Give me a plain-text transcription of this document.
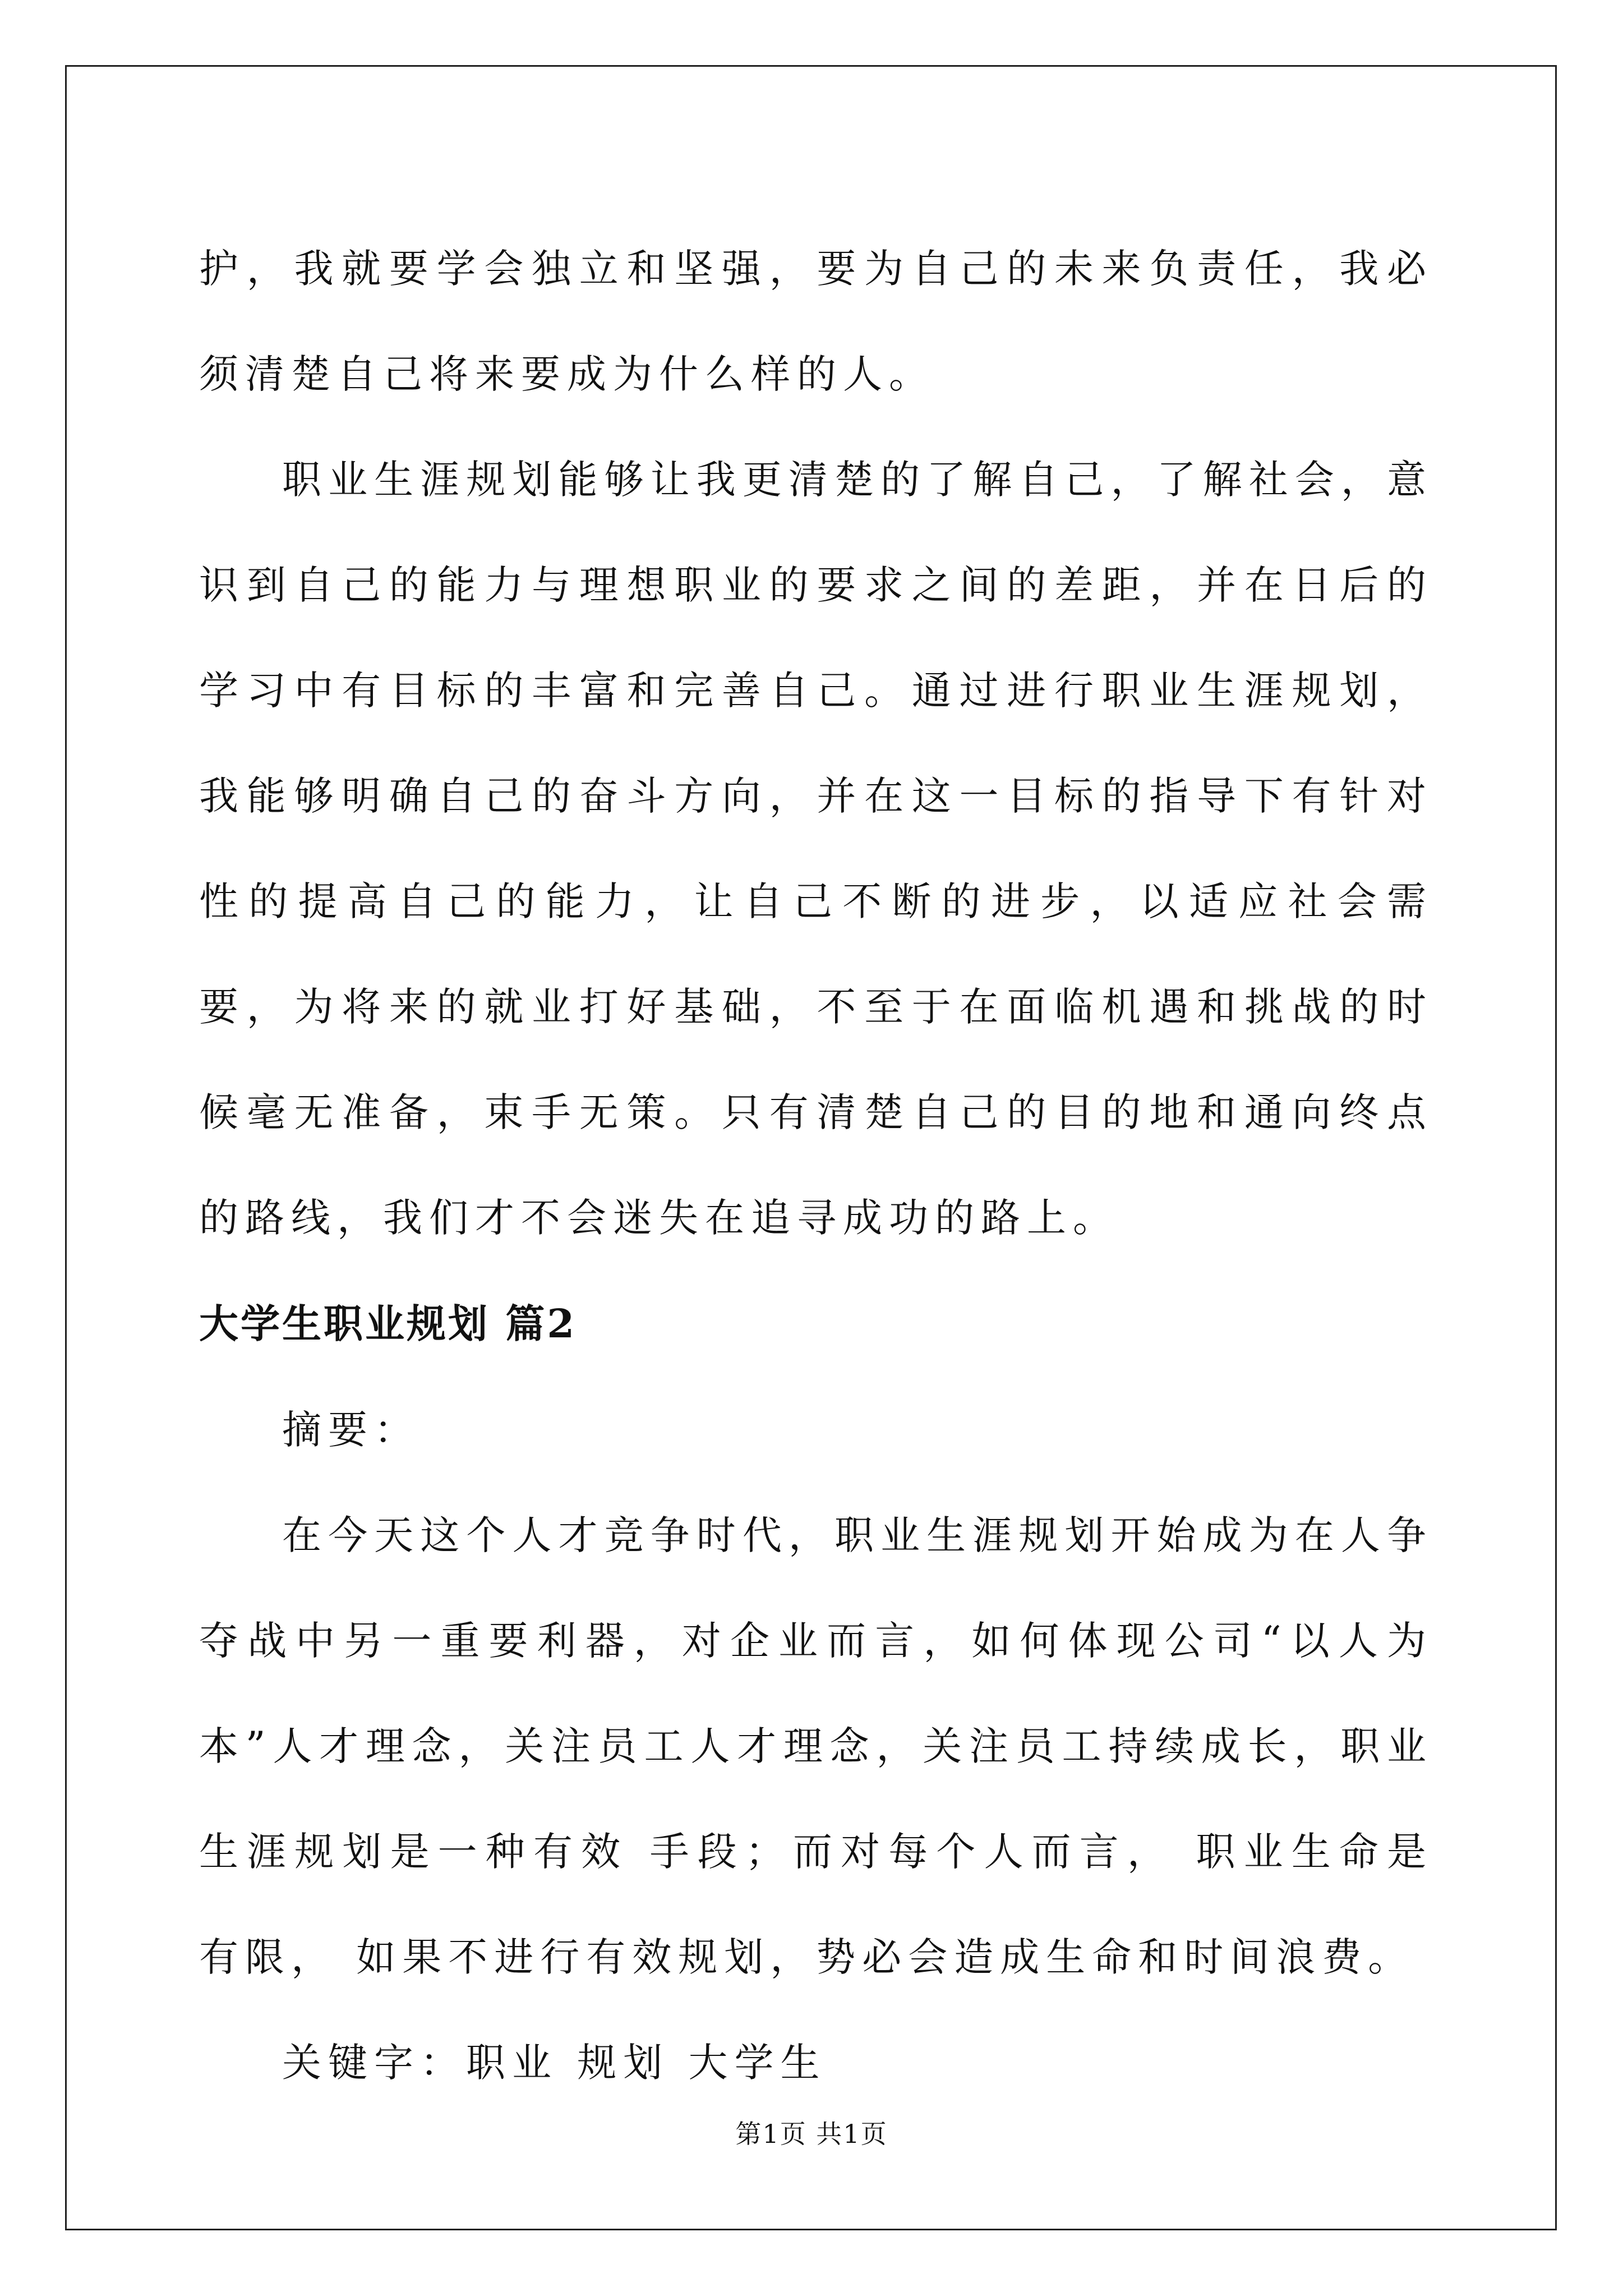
护，我就要学会独立和坚强，要为自己的未来负责任，我必须清楚自己将来要成为什么样的人。

职业生涯规划能够让我更清楚的了解自己，了解社会，意识到自己的能力与理想职业的要求之间的差距，并在日后的学习中有目标的丰富和完善自己。通过进行职业生涯规划，我能够明确自己的奋斗方向，并在这一目标的指导下有针对性的提高自己的能力，让自己不断的进步，以适应社会需要，为将来的就业打好基础，不至于在面临机遇和挑战的时候毫无准备，束手无策。只有清楚自己的目的地和通向终点的路线，我们才不会迷失在追寻成功的路上。

大学生职业规划 篇2

摘要：

在今天这个人才竞争时代，职业生涯规划开始成为在人争夺战中另一重要利器，对企业而言，如何体现公司“以人为本”人才理念，关注员工人才理念，关注员工持续成长，职业生涯规划是一种有效 手段；而对每个人而言， 职业生命是有限， 如果不进行有效规划，势必会造成生命和时间浪费。

关键字：职业 规划 大学生

第1页 共1页
